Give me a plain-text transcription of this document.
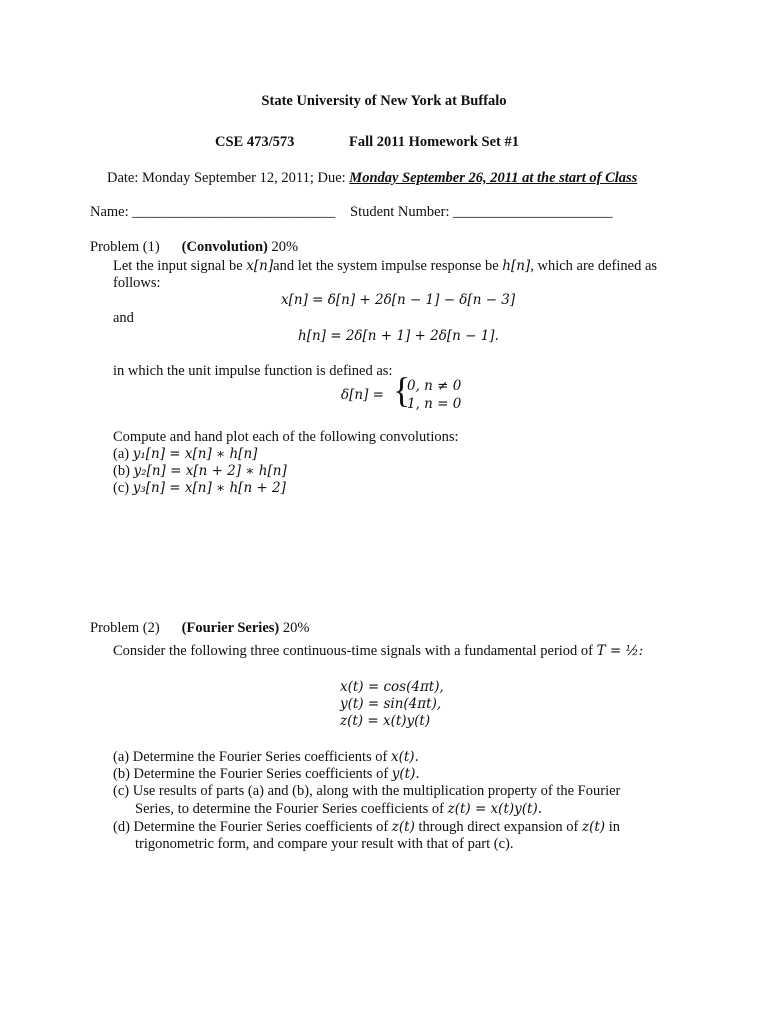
State University of New York at Buffalo
CSE 473/573	Fall 2011 Homework Set #1
Date: Monday September 12, 2011; Due: Monday September 26, 2011 at the start of Class
Name: ____________________________ Student Number: ______________________
Problem (1) (Convolution) 20%
Let the input signal be x[n]and let the system impulse response be h[n], which are defined as
follows:
x[n] = δ[n] + 2δ[n − 1] − δ[n − 3]
and
h[n] = 2δ[n + 1] + 2δ[n − 1].
in which the unit impulse function is defined as:
δ[n] = {
0, n ≠ 0
1, n = 0
Compute and hand plot each of the following convolutions:
(a) y₁[n] = x[n] ∗ h[n]
(b) y₂[n] = x[n + 2] ∗ h[n]
(c) y₃[n] = x[n] ∗ h[n + 2]
Problem (2) (Fourier Series) 20%
Consider the following three continuous-time signals with a fundamental period of T = ½:
x(t) = cos(4πt),
y(t) = sin(4πt),
z(t) = x(t)y(t)
(a) Determine the Fourier Series coefficients of x(t).
(b) Determine the Fourier Series coefficients of y(t).
(c) Use results of parts (a) and (b), along with the multiplication property of the Fourier
Series, to determine the Fourier Series coefficients of z(t) = x(t)y(t).
(d) Determine the Fourier Series coefficients of z(t) through direct expansion of z(t) in
trigonometric form, and compare your result with that of part (c).
